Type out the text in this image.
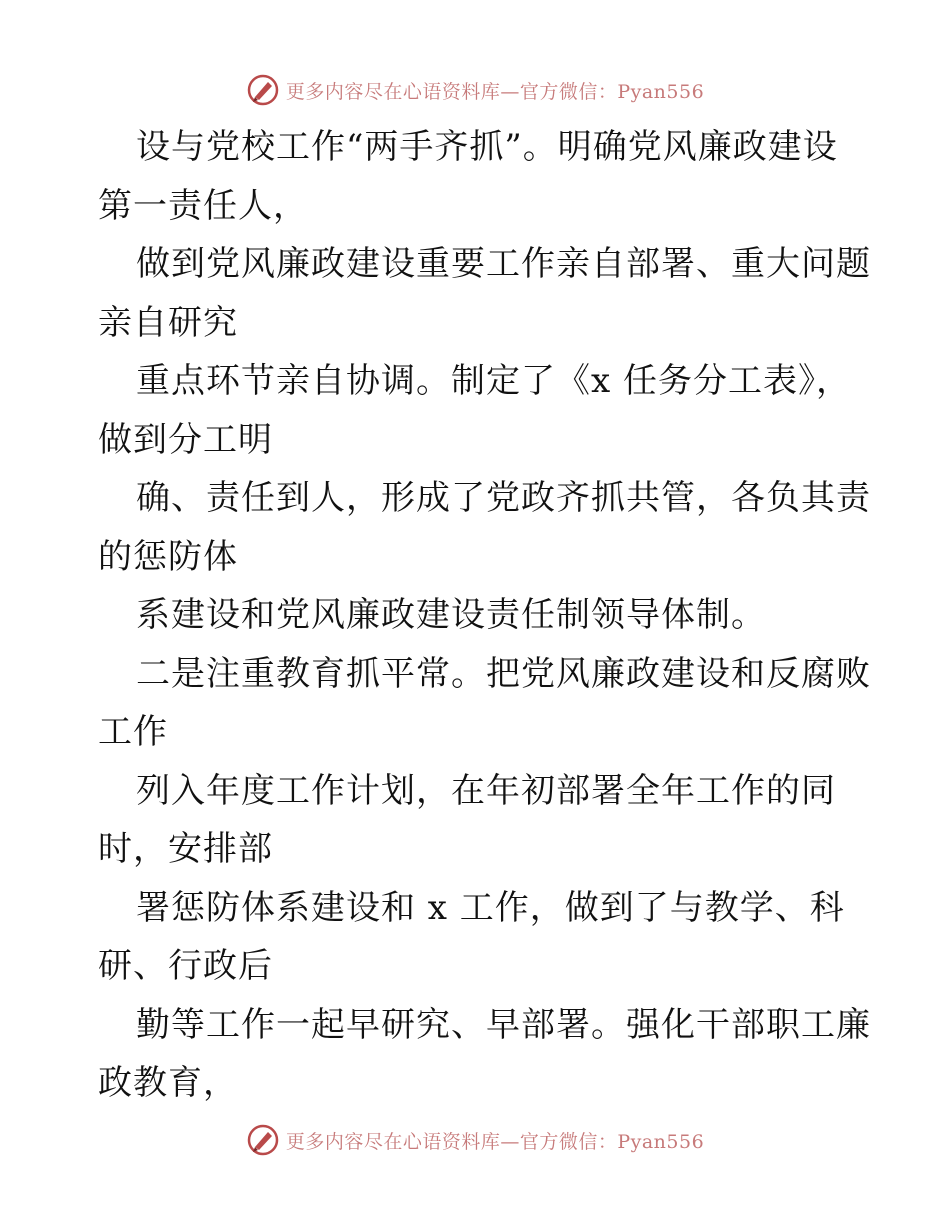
更多内容尽在心语资料库—官方微信：Pyan556
设与党校工作“两手齐抓”。明确党风廉政建设
第一责任人，
做到党风廉政建设重要工作亲自部署、重大问题
亲自研究
重点环节亲自协调。制定了《x 任务分工表》，
做到分工明
确、责任到人，形成了党政齐抓共管，各负其责
的惩防体
系建设和党风廉政建设责任制领导体制。
二是注重教育抓平常。把党风廉政建设和反腐败
工作
列入年度工作计划，在年初部署全年工作的同
时，安排部
署惩防体系建设和 x 工作，做到了与教学、科
研、行政后
勤等工作一起早研究、早部署。强化干部职工廉
政教育，
更多内容尽在心语资料库—官方微信：Pyan556
